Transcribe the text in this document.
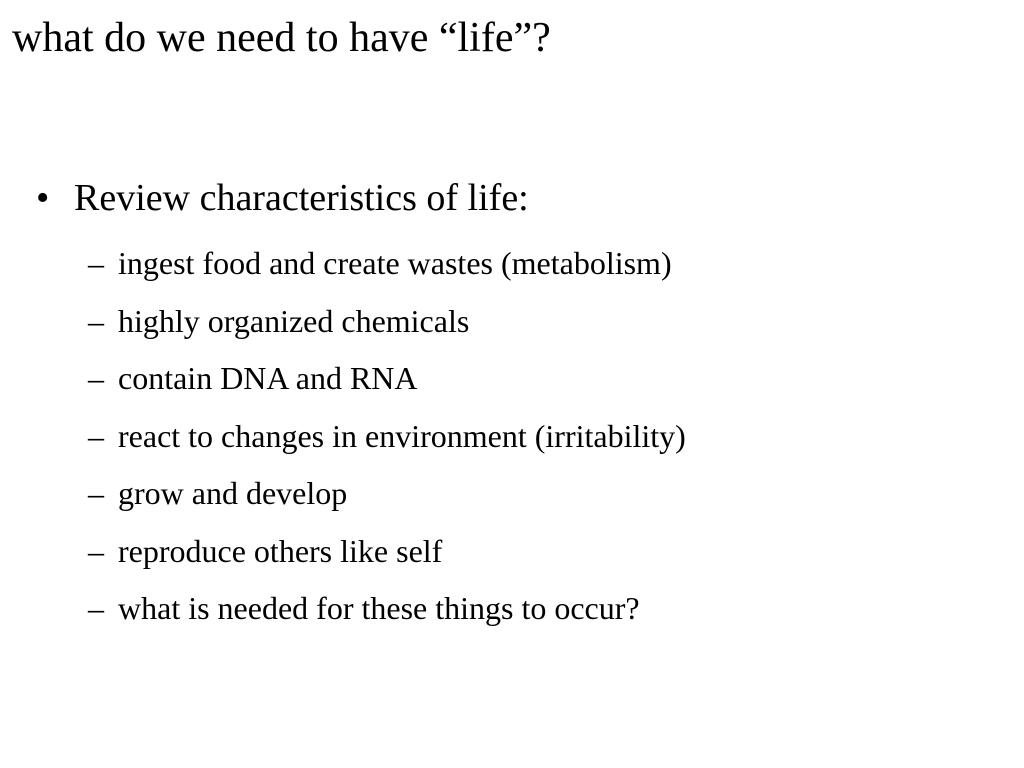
what do we need to have “life”?
• Review characteristics of life:
– ingest food and create wastes (metabolism)
– highly organized chemicals
– contain DNA and RNA
– react to changes in environment (irritability)
– grow and develop
– reproduce others like self
– what is needed for these things to occur?
